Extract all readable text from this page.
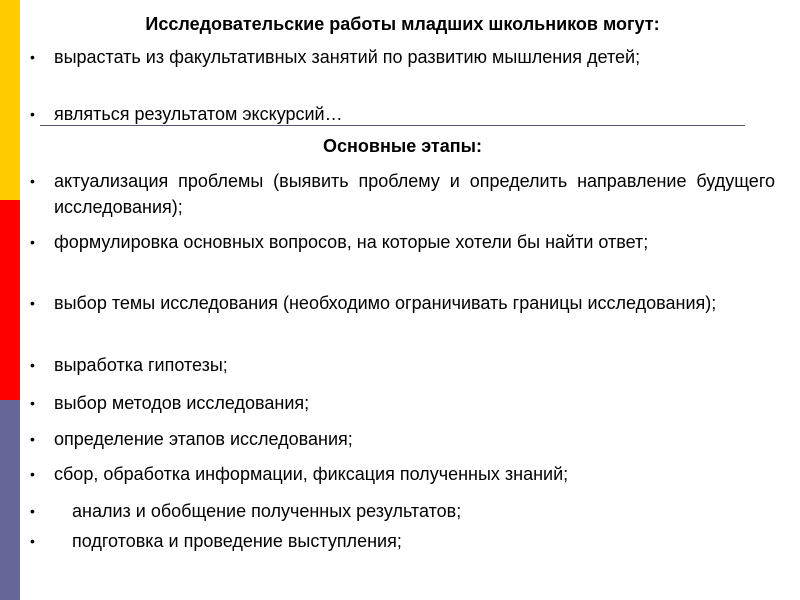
Исследовательские работы младших школьников могут:
•	вырастать из факультативных занятий по развитию мышления детей;
•	являться результатом экскурсий…
Основные этапы:
•	актуализация проблемы (выявить проблему и определить направление будущего исследования);
•	формулировка основных вопросов, на которые хотели бы найти ответ;
•	выбор темы исследования (необходимо ограничивать границы исследования);
•	выработка гипотезы;
•	выбор методов исследования;
•	определение этапов исследования;
•	сбор, обработка информации, фиксация полученных знаний;
•	анализ и обобщение полученных результатов;
•	подготовка и проведение выступления;
